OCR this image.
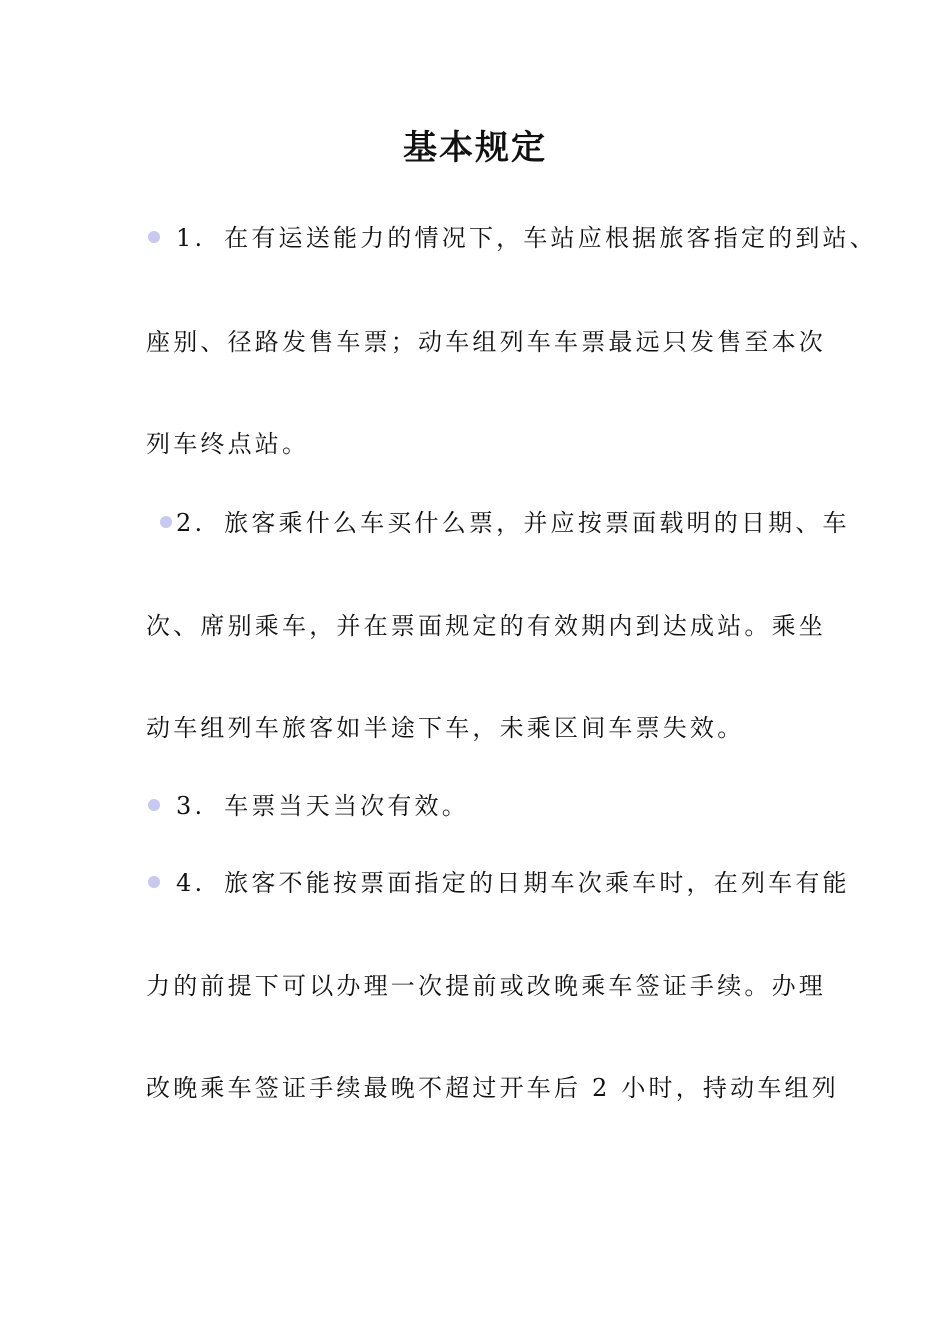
基本规定
1. 在有运送能力的情况下，车站应根据旅客指定的到站、
座别、径路发售车票；动车组列车车票最远只发售至本次
列车终点站。
2. 旅客乘什么车买什么票，并应按票面载明的日期、车
次、席别乘车，并在票面规定的有效期内到达成站。乘坐
动车组列车旅客如半途下车，未乘区间车票失效。
3. 车票当天当次有效。
4. 旅客不能按票面指定的日期车次乘车时，在列车有能
力的前提下可以办理一次提前或改晚乘车签证手续。办理
改晚乘车签证手续最晚不超过开车后 2 小时，持动车组列
